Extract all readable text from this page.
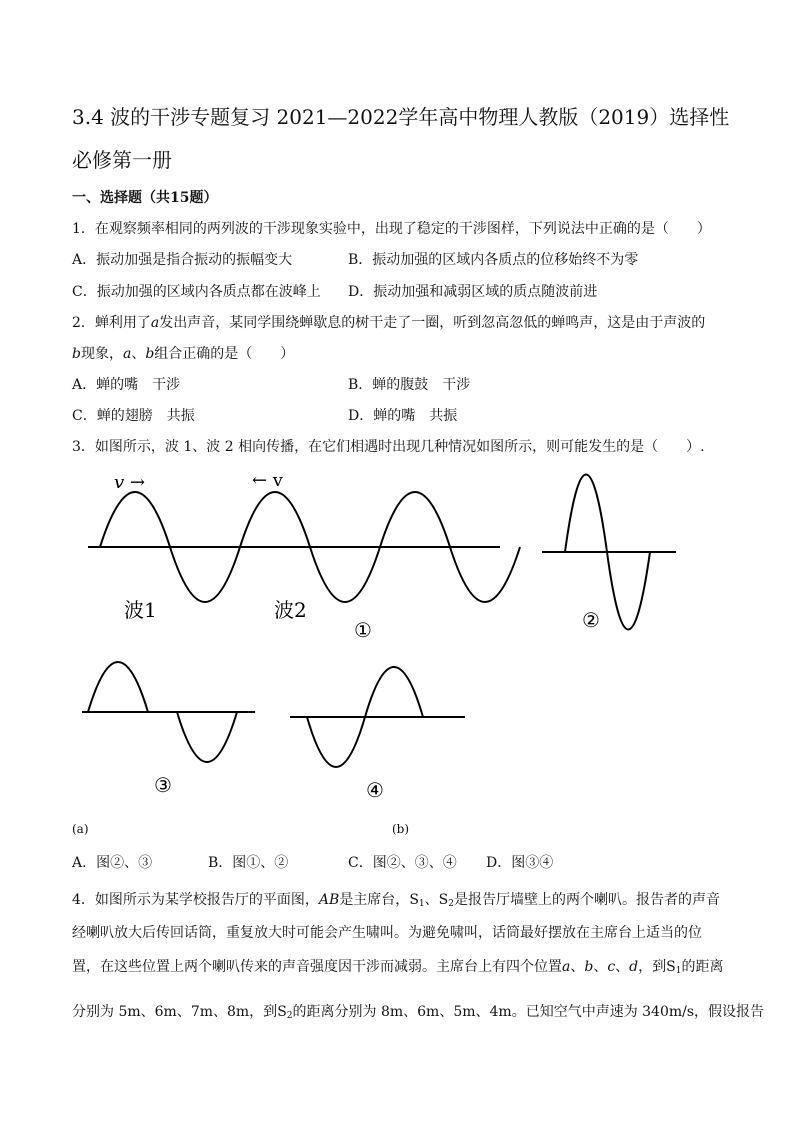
3.4 波的干涉专题复习 2021—2022学年高中物理人教版（2019）选择性必修第一册
一、选择题（共15题）
1．在观察频率相同的两列波的干涉现象实验中，出现了稳定的干涉图样，下列说法中正确的是（　　）
A．振动加强是指合振动的振幅变大	B．振动加强的区域内各质点的位移始终不为零
C．振动加强的区域内各质点都在波峰上 D．振动加强和减弱区域的质点随波前进
2．蝉利用了a发出声音，某同学围绕蝉歇息的树干走了一圈，听到忽高忽低的蝉鸣声，这是由于声波的
b现象，a、b组合正确的是（　　）
A．蝉的嘴　干涉	B．蝉的腹鼓　干涉
C．蝉的翅膀　共振	D．蝉的嘴　共振
3．如图所示，波 1、波 2 相向传播，在它们相遇时出现几种情况如图所示，则可能发生的是（　　）.
v →	← v
波1	波2
①	②
③	④
(a)	(b)
A．图②、③	B．图①、②	C．图②、③、④ D．图③④
4．如图所示为某学校报告厅的平面图，AB是主席台，$S_1$、$S_2$是报告厅墙壁上的两个喇叭。报告者的声音
经喇叭放大后传回话筒，重复放大时可能会产生啸叫。为避免啸叫，话筒最好摆放在主席台上适当的位
置，在这些位置上两个喇叭传来的声音强度因干涉而减弱。主席台上有四个位置a、b、c、d，到$S_1$的距离
分别为 5m、6m、7m、8m，到$S_2$的距离分别为 8m、6m、5m、4m。已知空气中声速为 340m/s，假设报告
